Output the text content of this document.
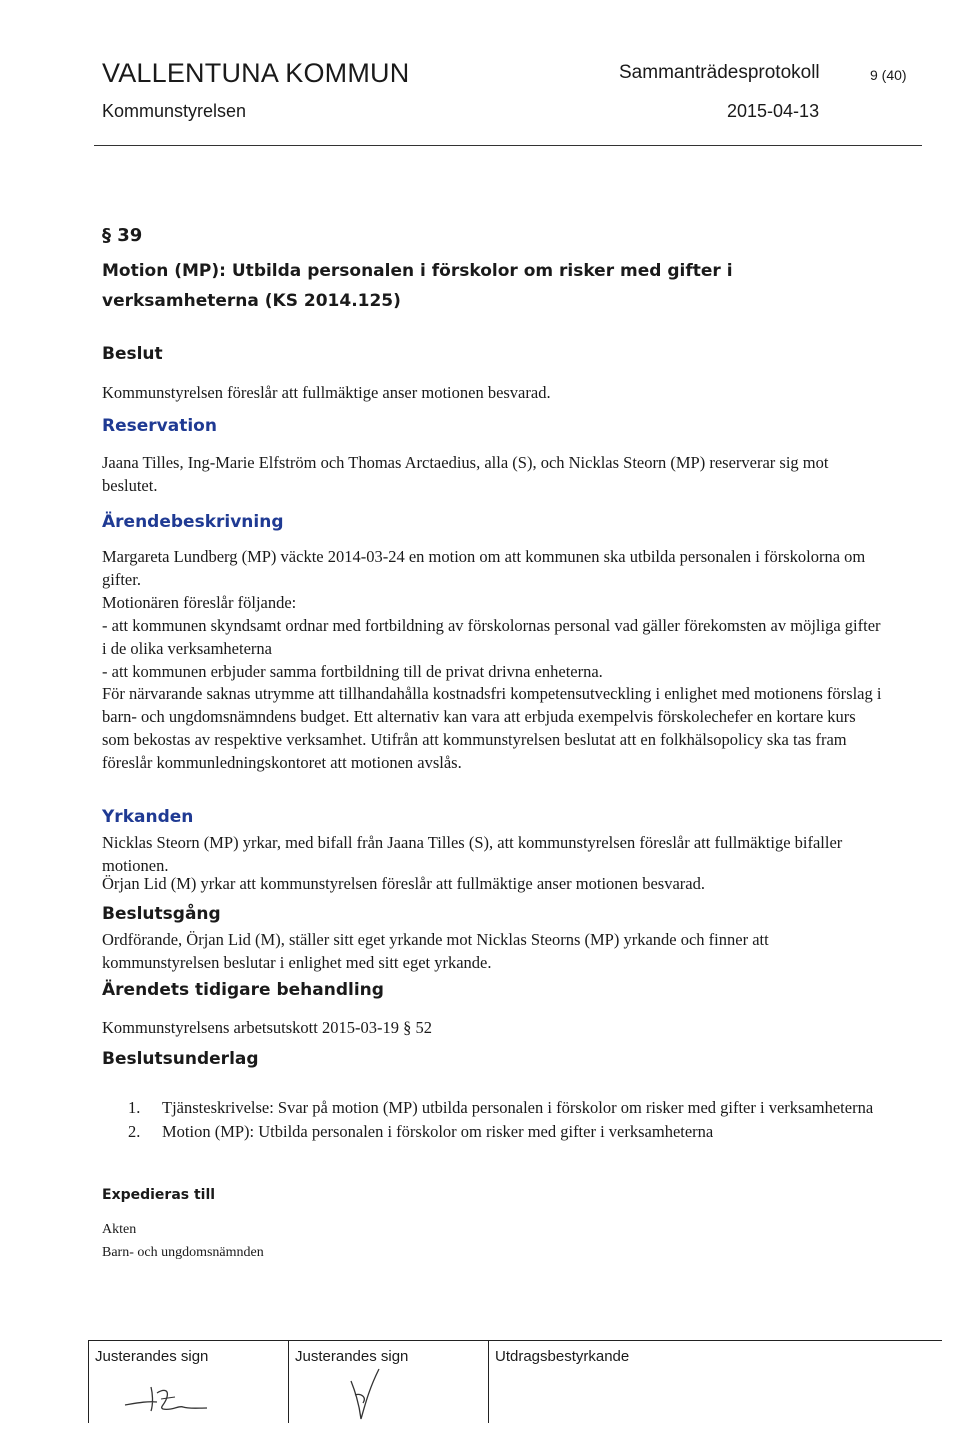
VALLENTUNA KOMMUN	Sammanträdesprotokoll	9 (40)
Kommunstyrelsen	2015-04-13
§ 39
Motion (MP): Utbilda personalen i förskolor om risker med gifter i verksamheterna (KS 2014.125)
Beslut

Kommunstyrelsen föreslår att fullmäktige anser motionen besvarad.

Reservation

Jaana Tilles, Ing-Marie Elfström och Thomas Arctaedius, alla (S), och Nicklas Steorn (MP) reserverar sig mot beslutet.

Ärendebeskrivning

Margareta Lundberg (MP) väckte 2014-03-24 en motion om att kommunen ska utbilda personalen i förskolorna om gifter.

Motionären föreslår följande:

- att kommunen skyndsamt ordnar med fortbildning av förskolornas personal vad gäller förekomsten av möjliga gifter i de olika verksamheterna

- att kommunen erbjuder samma fortbildning till de privat drivna enheterna.

För närvarande saknas utrymme att tillhandahålla kostnadsfri kompetensutveckling i enlighet med motionens förslag i barn- och ungdomsnämndens budget. Ett alternativ kan vara att erbjuda exempelvis förskolechefer en kortare kurs som bekostas av respektive verksamhet. Utifrån att kommunstyrelsen beslutat att en folkhälsopolicy ska tas fram föreslår kommunledningskontoret att motionen avslås.

Yrkanden

Nicklas Steorn (MP) yrkar, med bifall från Jaana Tilles (S), att kommunstyrelsen föreslår att fullmäktige bifaller motionen.

Örjan Lid (M) yrkar att kommunstyrelsen föreslår att fullmäktige anser motionen besvarad.

Beslutsgång

Ordförande, Örjan Lid (M), ställer sitt eget yrkande mot Nicklas Steorns (MP) yrkande och finner att kommunstyrelsen beslutar i enlighet med sitt eget yrkande.

Ärendets tidigare behandling

Kommunstyrelsens arbetsutskott 2015-03-19 § 52

Beslutsunderlag
1. Tjänsteskrivelse: Svar på motion (MP) utbilda personalen i förskolor om risker med gifter i verksamheterna
2. Motion (MP): Utbilda personalen i förskolor om risker med gifter i verksamheterna
Expedieras till

Akten

Barn- och ungdomsnämnden

Justerandes sign	Justerandes sign	Utdragsbestyrkande
